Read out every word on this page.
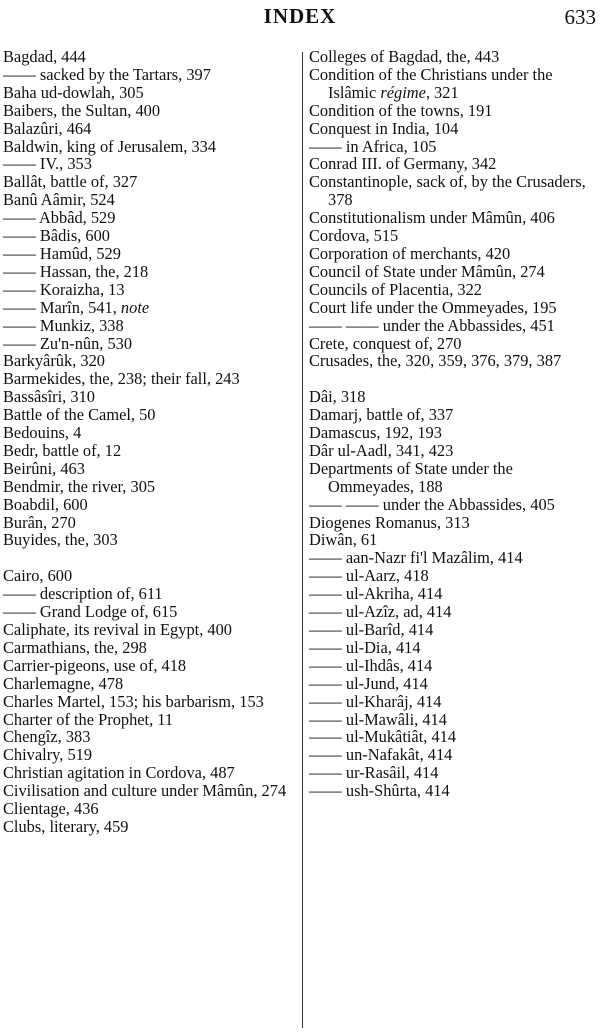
INDEX	633

Bagdad, 444

—— sacked by the Tartars, 397

Baha ud-dowlah, 305

Baibers, the Sultan, 400

Balazûri, 464

Baldwin, king of Jerusalem, 334

—— IV., 353

Ballât, battle of, 327

Banû Aâmir, 524

—— Abbâd, 529

—— Bâdis, 600

—— Hamûd, 529

—— Hassan, the, 218

—— Koraizha, 13

—— Marîn, 541, note

—— Munkiz, 338

—— Zu'n-nûn, 530

Barkyârûk, 320

Barmekides, the, 238; their fall, 243

Bassâsîri, 310

Battle of the Camel, 50

Bedouins, 4

Bedr, battle of, 12

Beirûni, 463

Bendmir, the river, 305

Boabdil, 600

Burân, 270

Buyides, the, 303

Cairo, 600

—— description of, 611

—— Grand Lodge of, 615

Caliphate, its revival in Egypt, 400

Carmathians, the, 298

Carrier-pigeons, use of, 418

Charlemagne, 478

Charles Martel, 153; his barbarism, 153

Charter of the Prophet, 11

Chengîz, 383

Chivalry, 519

Christian agitation in Cordova, 487

Civilisation and culture under Mâmûn, 274

Clientage, 436

Clubs, literary, 459

Colleges of Bagdad, the, 443

Condition of the Christians under the Islâmic régime, 321

Condition of the towns, 191

Conquest in India, 104

—— in Africa, 105

Conrad III. of Germany, 342

Constantinople, sack of, by the Crusaders, 378

Constitutionalism under Mâmûn, 406

Cordova, 515

Corporation of merchants, 420

Council of State under Mâmûn, 274

Councils of Placentia, 322

Court life under the Ommeyades, 195

—— —— under the Abbassides, 451

Crete, conquest of, 270

Crusades, the, 320, 359, 376, 379, 387

Dâi, 318

Damarj, battle of, 337

Damascus, 192, 193

Dâr ul-Aadl, 341, 423

Departments of State under the Ommeyades, 188

—— —— under the Abbassides, 405

Diogenes Romanus, 313

Diwân, 61

—— aan-Nazr fi'l Mazâlim, 414

—— ul-Aarz, 418

—— ul-Akriha, 414

—— ul-Azîz, ad, 414

—— ul-Barîd, 414

—— ul-Dia, 414

—— ul-Ihdâs, 414

—— ul-Jund, 414

—— ul-Kharâj, 414

—— ul-Mawâli, 414

—— ul-Mukâtiât, 414

—— un-Nafakât, 414

—— ur-Rasâil, 414

—— ush-Shûrta, 414
